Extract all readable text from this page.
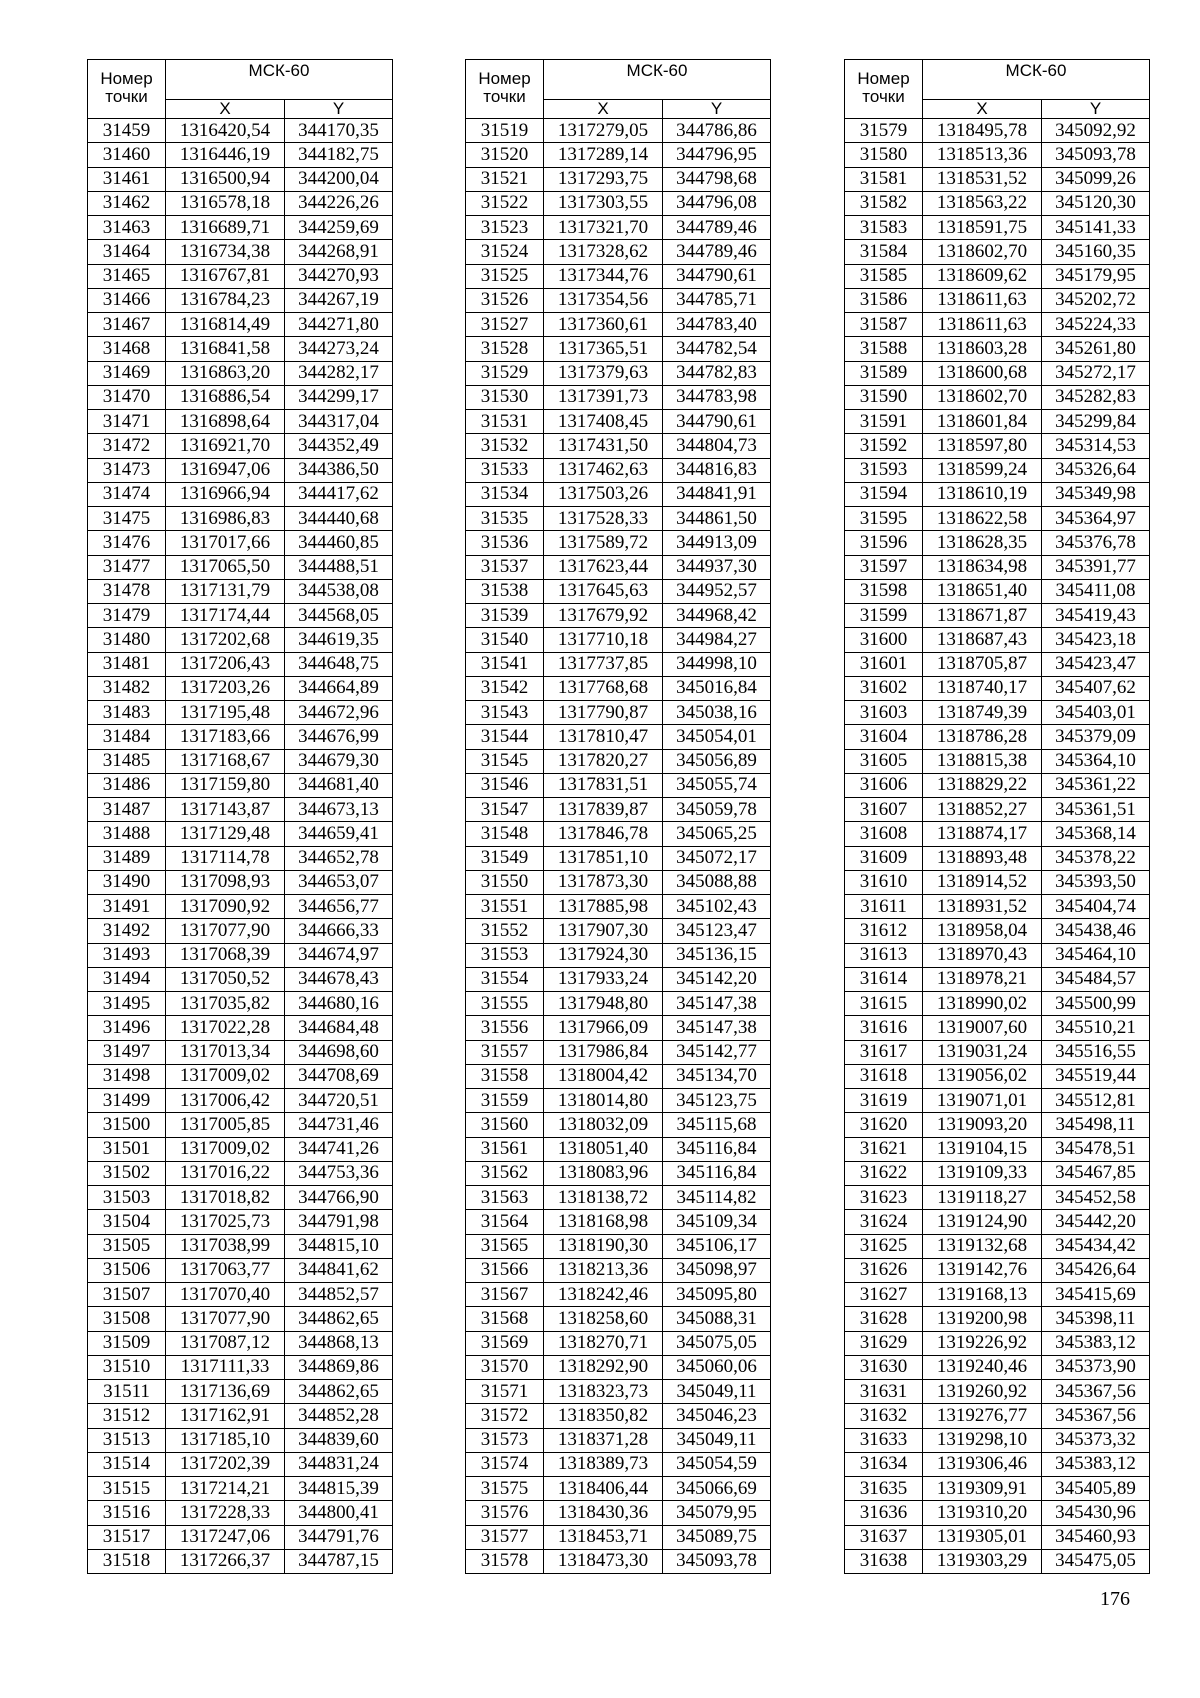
Номер точки	МСК-60	
	X	Y
31459	1316420,54	344170,35
31460	1316446,19	344182,75
31461	1316500,94	344200,04
31462	1316578,18	344226,26
31463	1316689,71	344259,69
31464	1316734,38	344268,91
31465	1316767,81	344270,93
31466	1316784,23	344267,19
31467	1316814,49	344271,80
31468	1316841,58	344273,24
31469	1316863,20	344282,17
31470	1316886,54	344299,17
31471	1316898,64	344317,04
31472	1316921,70	344352,49
31473	1316947,06	344386,50
31474	1316966,94	344417,62
31475	1316986,83	344440,68
31476	1317017,66	344460,85
31477	1317065,50	344488,51
31478	1317131,79	344538,08
31479	1317174,44	344568,05
31480	1317202,68	344619,35
31481	1317206,43	344648,75
31482	1317203,26	344664,89
31483	1317195,48	344672,96
31484	1317183,66	344676,99
31485	1317168,67	344679,30
31486	1317159,80	344681,40
31487	1317143,87	344673,13
31488	1317129,48	344659,41
31489	1317114,78	344652,78
31490	1317098,93	344653,07
31491	1317090,92	344656,77
31492	1317077,90	344666,33
31493	1317068,39	344674,97
31494	1317050,52	344678,43
31495	1317035,82	344680,16
31496	1317022,28	344684,48
31497	1317013,34	344698,60
31498	1317009,02	344708,69
31499	1317006,42	344720,51
31500	1317005,85	344731,46
31501	1317009,02	344741,26
31502	1317016,22	344753,36
31503	1317018,82	344766,90
31504	1317025,73	344791,98
31505	1317038,99	344815,10
31506	1317063,77	344841,62
31507	1317070,40	344852,57
31508	1317077,90	344862,65
31509	1317087,12	344868,13
31510	1317111,33	344869,86
31511	1317136,69	344862,65
31512	1317162,91	344852,28
31513	1317185,10	344839,60
31514	1317202,39	344831,24
31515	1317214,21	344815,39
31516	1317228,33	344800,41
31517	1317247,06	344791,76
31518	1317266,37	344787,15
Номер точки	МСК-60	
	X	Y
31519	1317279,05	344786,86
31520	1317289,14	344796,95
31521	1317293,75	344798,68
31522	1317303,55	344796,08
31523	1317321,70	344789,46
31524	1317328,62	344789,46
31525	1317344,76	344790,61
31526	1317354,56	344785,71
31527	1317360,61	344783,40
31528	1317365,51	344782,54
31529	1317379,63	344782,83
31530	1317391,73	344783,98
31531	1317408,45	344790,61
31532	1317431,50	344804,73
31533	1317462,63	344816,83
31534	1317503,26	344841,91
31535	1317528,33	344861,50
31536	1317589,72	344913,09
31537	1317623,44	344937,30
31538	1317645,63	344952,57
31539	1317679,92	344968,42
31540	1317710,18	344984,27
31541	1317737,85	344998,10
31542	1317768,68	345016,84
31543	1317790,87	345038,16
31544	1317810,47	345054,01
31545	1317820,27	345056,89
31546	1317831,51	345055,74
31547	1317839,87	345059,78
31548	1317846,78	345065,25
31549	1317851,10	345072,17
31550	1317873,30	345088,88
31551	1317885,98	345102,43
31552	1317907,30	345123,47
31553	1317924,30	345136,15
31554	1317933,24	345142,20
31555	1317948,80	345147,38
31556	1317966,09	345147,38
31557	1317986,84	345142,77
31558	1318004,42	345134,70
31559	1318014,80	345123,75
31560	1318032,09	345115,68
31561	1318051,40	345116,84
31562	1318083,96	345116,84
31563	1318138,72	345114,82
31564	1318168,98	345109,34
31565	1318190,30	345106,17
31566	1318213,36	345098,97
31567	1318242,46	345095,80
31568	1318258,60	345088,31
31569	1318270,71	345075,05
31570	1318292,90	345060,06
31571	1318323,73	345049,11
31572	1318350,82	345046,23
31573	1318371,28	345049,11
31574	1318389,73	345054,59
31575	1318406,44	345066,69
31576	1318430,36	345079,95
31577	1318453,71	345089,75
31578	1318473,30	345093,78
Номер точки	МСК-60	
	X	Y
31579	1318495,78	345092,92
31580	1318513,36	345093,78
31581	1318531,52	345099,26
31582	1318563,22	345120,30
31583	1318591,75	345141,33
31584	1318602,70	345160,35
31585	1318609,62	345179,95
31586	1318611,63	345202,72
31587	1318611,63	345224,33
31588	1318603,28	345261,80
31589	1318600,68	345272,17
31590	1318602,70	345282,83
31591	1318601,84	345299,84
31592	1318597,80	345314,53
31593	1318599,24	345326,64
31594	1318610,19	345349,98
31595	1318622,58	345364,97
31596	1318628,35	345376,78
31597	1318634,98	345391,77
31598	1318651,40	345411,08
31599	1318671,87	345419,43
31600	1318687,43	345423,18
31601	1318705,87	345423,47
31602	1318740,17	345407,62
31603	1318749,39	345403,01
31604	1318786,28	345379,09
31605	1318815,38	345364,10
31606	1318829,22	345361,22
31607	1318852,27	345361,51
31608	1318874,17	345368,14
31609	1318893,48	345378,22
31610	1318914,52	345393,50
31611	1318931,52	345404,74
31612	1318958,04	345438,46
31613	1318970,43	345464,10
31614	1318978,21	345484,57
31615	1318990,02	345500,99
31616	1319007,60	345510,21
31617	1319031,24	345516,55
31618	1319056,02	345519,44
31619	1319071,01	345512,81
31620	1319093,20	345498,11
31621	1319104,15	345478,51
31622	1319109,33	345467,85
31623	1319118,27	345452,58
31624	1319124,90	345442,20
31625	1319132,68	345434,42
31626	1319142,76	345426,64
31627	1319168,13	345415,69
31628	1319200,98	345398,11
31629	1319226,92	345383,12
31630	1319240,46	345373,90
31631	1319260,92	345367,56
31632	1319276,77	345367,56
31633	1319298,10	345373,32
31634	1319306,46	345383,12
31635	1319309,91	345405,89
31636	1319310,20	345430,96
31637	1319305,01	345460,93
31638	1319303,29	345475,05
176
